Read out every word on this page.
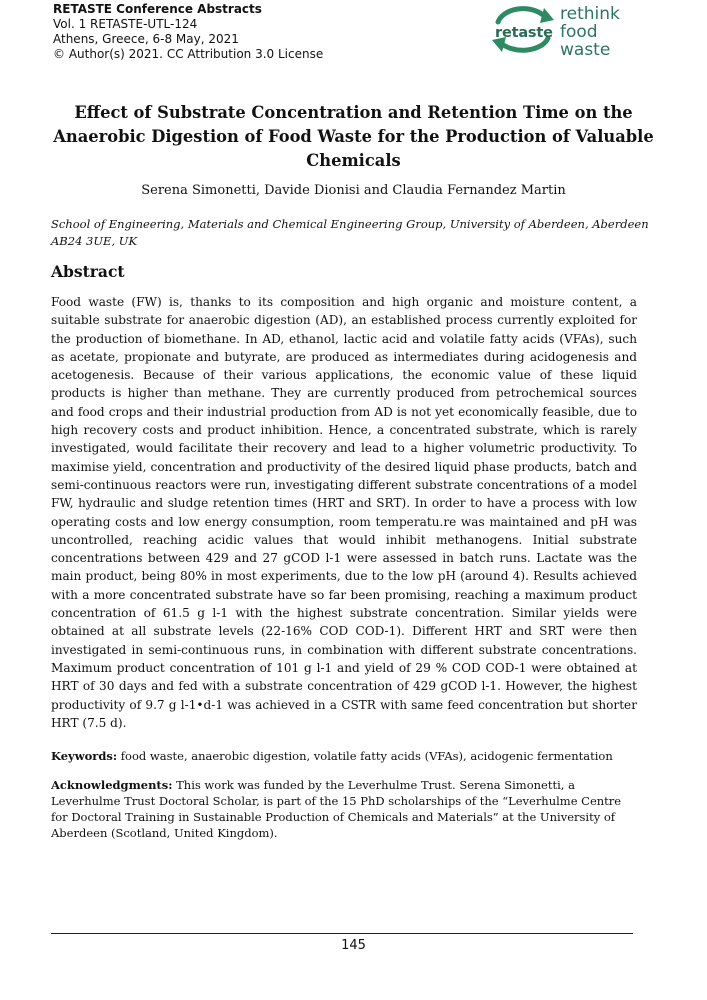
RETASTE Conference Abstracts
Vol. 1 RETASTE-UTL-124
Athens, Greece, 6-8 May, 2021
© Author(s) 2021. CC Attribution 3.0 License
retaste
rethink
food
waste
Effect of Substrate Concentration and Retention Time on the Anaerobic Digestion of Food Waste for the Production of Valuable Chemicals
Serena Simonetti, Davide Dionisi and Claudia Fernandez Martin
School of Engineering, Materials and Chemical Engineering Group, University of Aberdeen, Aberdeen AB24 3UE, UK
Abstract
Food waste (FW) is, thanks to its composition and high organic and moisture content, a suitable substrate for anaerobic digestion (AD), an established process currently exploited for the production of biomethane. In AD, ethanol, lactic acid and volatile fatty acids (VFAs), such as acetate, propionate and butyrate, are produced as intermediates during acidogenesis and acetogenesis. Because of their various applications, the economic value of these liquid products is higher than methane. They are currently produced from petrochemical sources and food crops and their industrial production from AD is not yet economically feasible, due to high recovery costs and product inhibition. Hence, a concentrated substrate, which is rarely investigated, would facilitate their recovery and lead to a higher volumetric productivity. To maximise yield, concentration and productivity of the desired liquid phase products, batch and semi-continuous reactors were run, investigating different substrate concentrations of a model FW, hydraulic and sludge retention times (HRT and SRT). In order to have a process with low operating costs and low energy consumption, room temperatu.re was maintained and pH was uncontrolled, reaching acidic values that would inhibit methanogens. Initial substrate concentrations between 429 and 27 gCOD l-1 were assessed in batch runs. Lactate was the main product, being 80% in most experiments, due to the low pH (around 4). Results achieved with a more concentrated substrate have so far been promising, reaching a maximum product concentration of 61.5 g l-1 with the highest substrate concentration. Similar yields were obtained at all substrate levels (22-16% COD COD-1). Different HRT and SRT were then investigated in semi-continuous runs, in combination with different substrate concentrations. Maximum product concentration of 101 g l-1 and yield of 29 % COD COD-1 were obtained at HRT of 30 days and fed with a substrate concentration of 429 gCOD l-1. However, the highest productivity of 9.7 g l-1•d-1 was achieved in a CSTR with same feed concentration but shorter HRT (7.5 d).
Keywords: food waste, anaerobic digestion, volatile fatty acids (VFAs), acidogenic fermentation
Acknowledgments: This work was funded by the Leverhulme Trust. Serena Simonetti, a Leverhulme Trust Doctoral Scholar, is part of the 15 PhD scholarships of the “Leverhulme Centre for Doctoral Training in Sustainable Production of Chemicals and Materials” at the University of Aberdeen (Scotland, United Kingdom).
145
